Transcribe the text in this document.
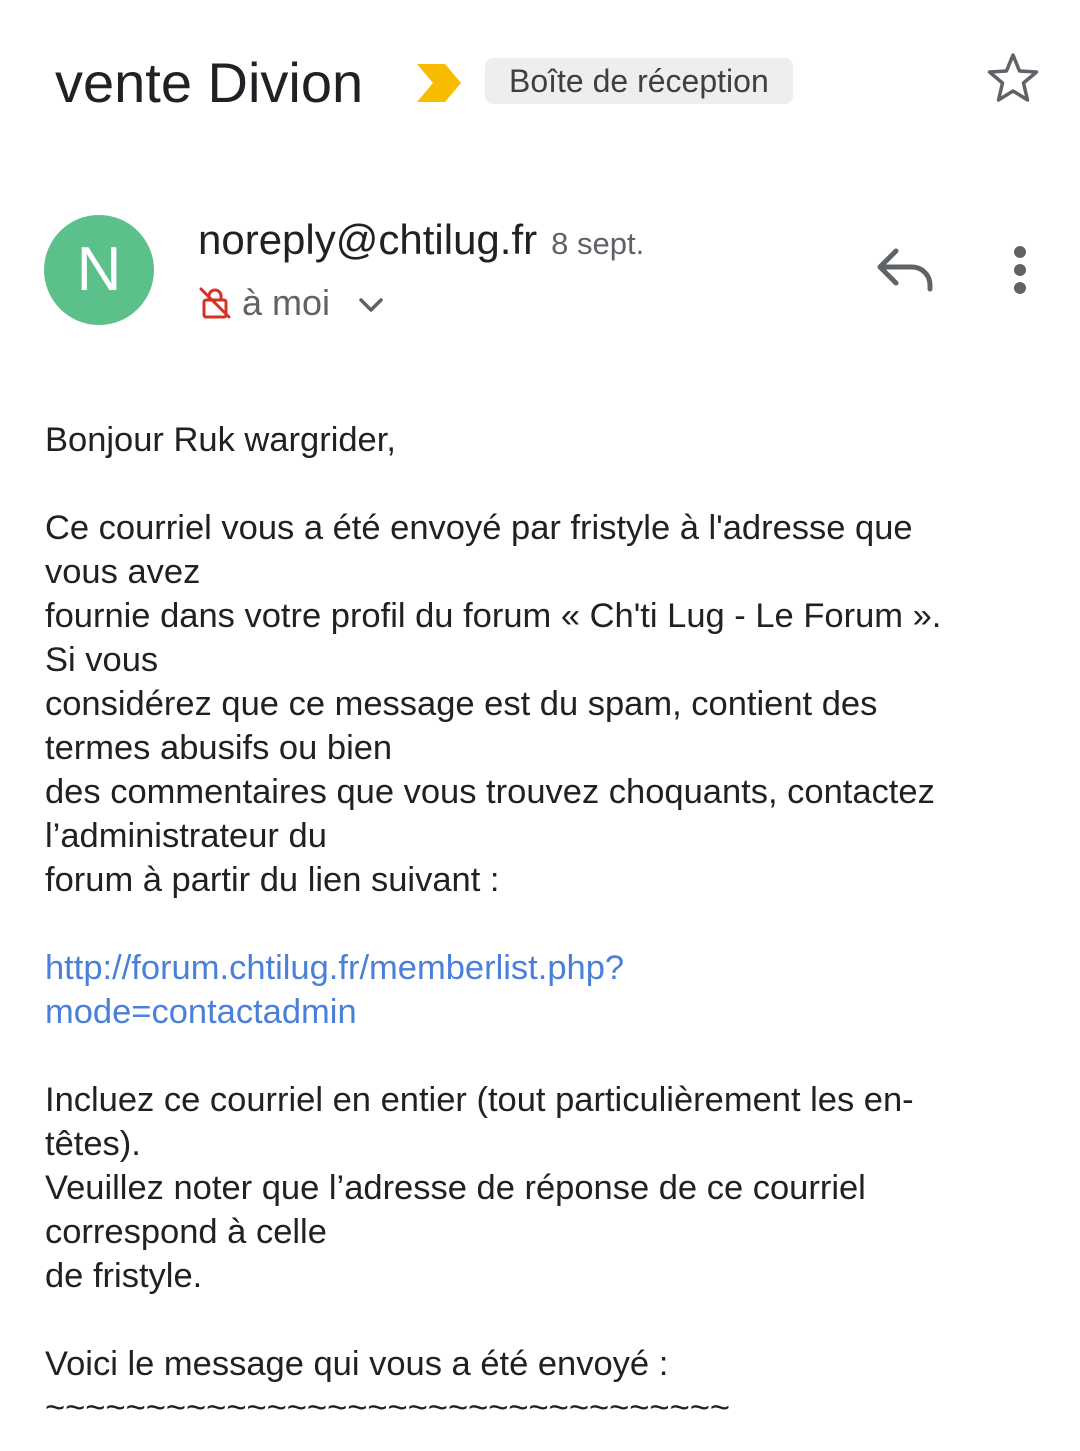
vente Divion	Boîte de réception
N	noreply@chtilug.fr 8 sept.
à moi
Bonjour Ruk wargrider,
Ce courriel vous a été envoyé par fristyle à l'adresse que
vous avez
fournie dans votre profil du forum « Ch'ti Lug - Le Forum ».
Si vous
considérez que ce message est du spam, contient des
termes abusifs ou bien
des commentaires que vous trouvez choquants, contactez
l’administrateur du
forum à partir du lien suivant :
http://forum.chtilug.fr/memberlist.php?
mode=contactadmin
Incluez ce courriel en entier (tout particulièrement les en-
têtes).
Veuillez noter que l’adresse de réponse de ce courriel
correspond à celle
de fristyle.
Voici le message qui vous a été envoyé :
~~~~~~~~~~~~~~~~~~~~~~~~~~~~~~~~~~
